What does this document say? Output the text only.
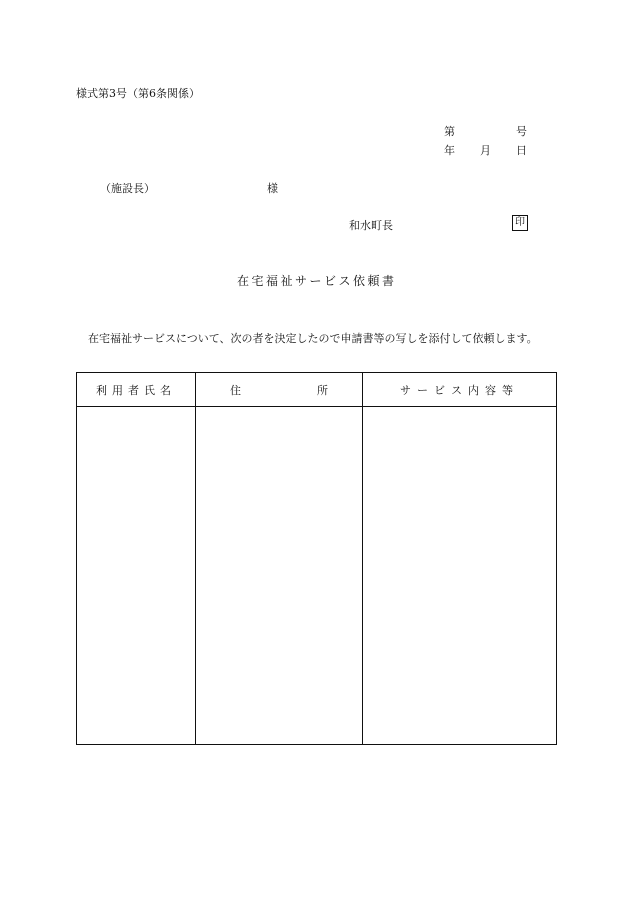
様式第3号（第6条関係）
第	号
年 月 日
（施設長）	様
和水町長	印
在宅福祉サービス依頼書
在宅福祉サービスについて、次の者を決定したので申請書等の写しを添付して依頼します。
利用者氏名	住 所	サービス内容等
